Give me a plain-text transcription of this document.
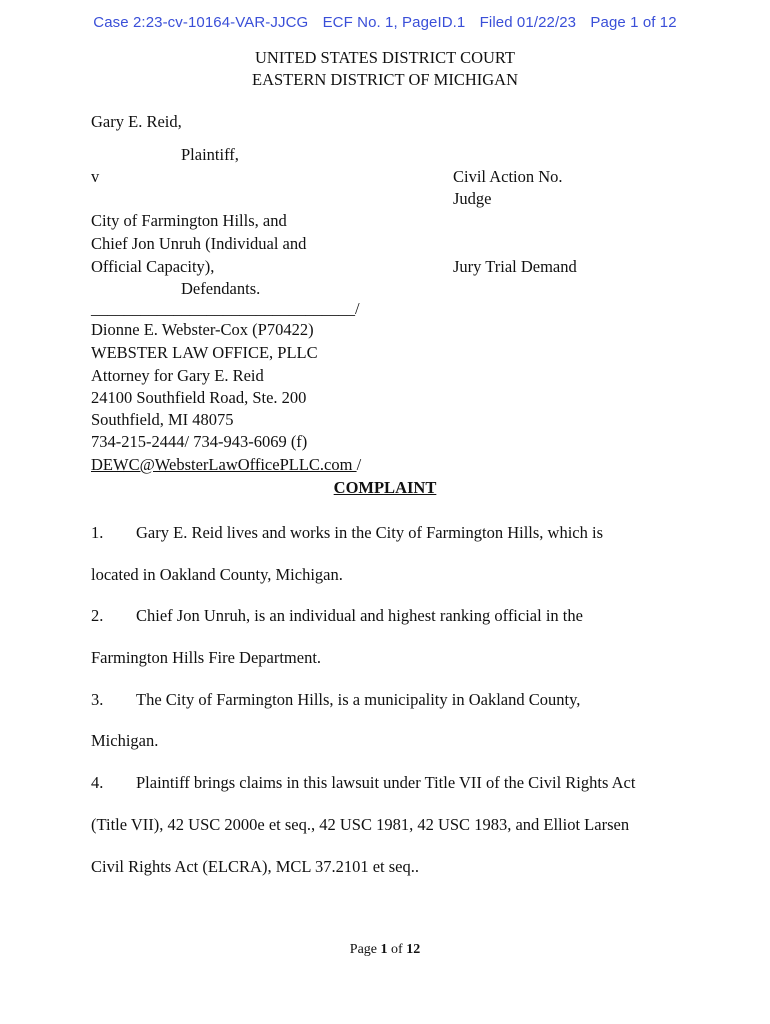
Case 2:23-cv-10164-VAR-JJCG ECF No. 1, PageID.1 Filed 01/22/23 Page 1 of 12
UNITED STATES DISTRICT COURT
EASTERN DISTRICT OF MICHIGAN
Gary E. Reid,
Plaintiff,
v	Civil Action No.
Judge
City of Farmington Hills, and
Chief Jon Unruh (Individual and
Official Capacity),	Jury Trial Demand
Defendants.
________________________________/
Dionne E. Webster-Cox (P70422)
WEBSTER LAW OFFICE, PLLC
Attorney for Gary E. Reid
24100 Southfield Road, Ste. 200
Southfield, MI 48075
734-215-2444/ 734-943-6069 (f)
DEWC@WebsterLawOfficePLLC.com /
COMPLAINT
1. Gary E. Reid lives and works in the City of Farmington Hills, which is
located in Oakland County, Michigan.
2. Chief Jon Unruh, is an individual and highest ranking official in the
Farmington Hills Fire Department.
3. The City of Farmington Hills, is a municipality in Oakland County,
Michigan.
4. Plaintiff brings claims in this lawsuit under Title VII of the Civil Rights Act
(Title VII), 42 USC 2000e et seq., 42 USC 1981, 42 USC 1983, and Elliot Larsen
Civil Rights Act (ELCRA), MCL 37.2101 et seq..
Page 1 of 12
